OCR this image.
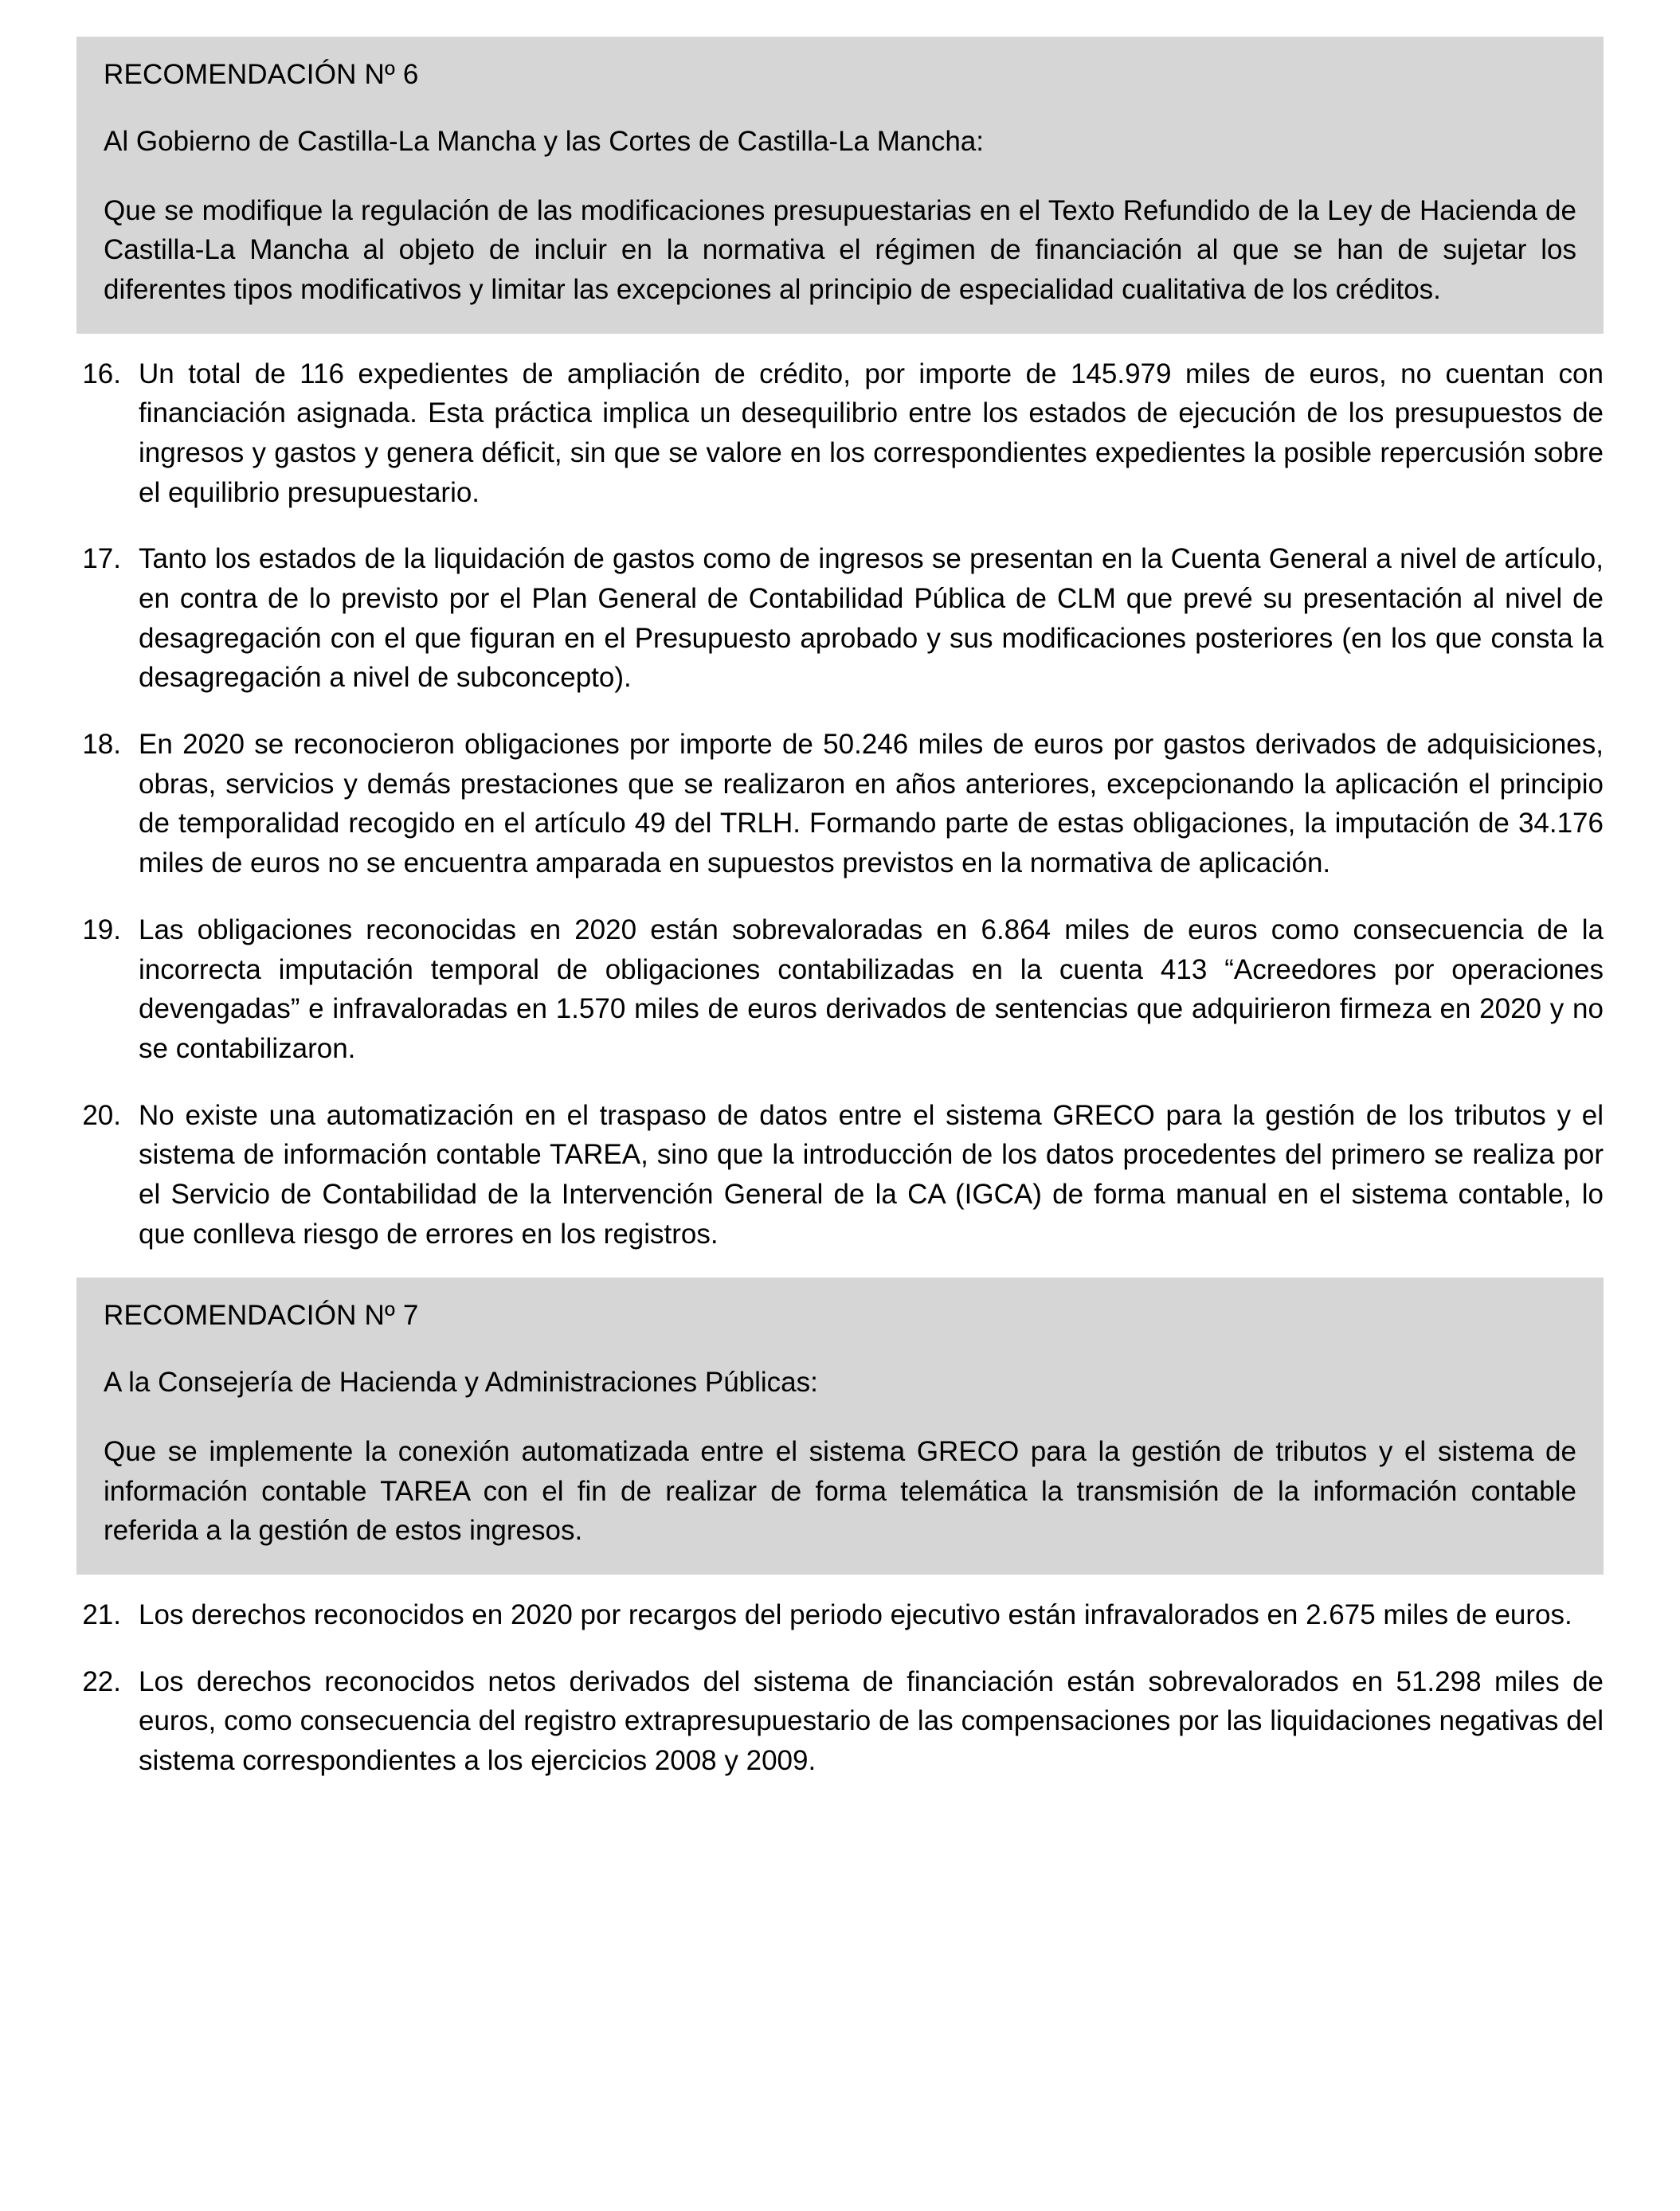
RECOMENDACIÓN Nº 6

Al Gobierno de Castilla-La Mancha y las Cortes de Castilla-La Mancha:

Que se modifique la regulación de las modificaciones presupuestarias en el Texto Refundido de la Ley de Hacienda de Castilla-La Mancha al objeto de incluir en la normativa el régimen de financiación al que se han de sujetar los diferentes tipos modificativos y limitar las excepciones al principio de especialidad cualitativa de los créditos.

16. Un total de 116 expedientes de ampliación de crédito, por importe de 145.979 miles de euros, no cuentan con financiación asignada. Esta práctica implica un desequilibrio entre los estados de ejecución de los presupuestos de ingresos y gastos y genera déficit, sin que se valore en los correspondientes expedientes la posible repercusión sobre el equilibrio presupuestario.
17. Tanto los estados de la liquidación de gastos como de ingresos se presentan en la Cuenta General a nivel de artículo, en contra de lo previsto por el Plan General de Contabilidad Pública de CLM que prevé su presentación al nivel de desagregación con el que figuran en el Presupuesto aprobado y sus modificaciones posteriores (en los que consta la desagregación a nivel de subconcepto).
18. En 2020 se reconocieron obligaciones por importe de 50.246 miles de euros por gastos derivados de adquisiciones, obras, servicios y demás prestaciones que se realizaron en años anteriores, excepcionando la aplicación el principio de temporalidad recogido en el artículo 49 del TRLH. Formando parte de estas obligaciones, la imputación de 34.176 miles de euros no se encuentra amparada en supuestos previstos en la normativa de aplicación.
19. Las obligaciones reconocidas en 2020 están sobrevaloradas en 6.864 miles de euros como consecuencia de la incorrecta imputación temporal de obligaciones contabilizadas en la cuenta 413 “Acreedores por operaciones devengadas” e infravaloradas en 1.570 miles de euros derivados de sentencias que adquirieron firmeza en 2020 y no se contabilizaron.
20. No existe una automatización en el traspaso de datos entre el sistema GRECO para la gestión de los tributos y el sistema de información contable TAREA, sino que la introducción de los datos procedentes del primero se realiza por el Servicio de Contabilidad de la Intervención General de la CA (IGCA) de forma manual en el sistema contable, lo que conlleva riesgo de errores en los registros.

RECOMENDACIÓN Nº 7

A la Consejería de Hacienda y Administraciones Públicas:

Que se implemente la conexión automatizada entre el sistema GRECO para la gestión de tributos y el sistema de información contable TAREA con el fin de realizar de forma telemática la transmisión de la información contable referida a la gestión de estos ingresos.

21. Los derechos reconocidos en 2020 por recargos del periodo ejecutivo están infravalorados en 2.675 miles de euros.
22. Los derechos reconocidos netos derivados del sistema de financiación están sobrevalorados en 51.298 miles de euros, como consecuencia del registro extrapresupuestario de las compensaciones por las liquidaciones negativas del sistema correspondientes a los ejercicios 2008 y 2009.
